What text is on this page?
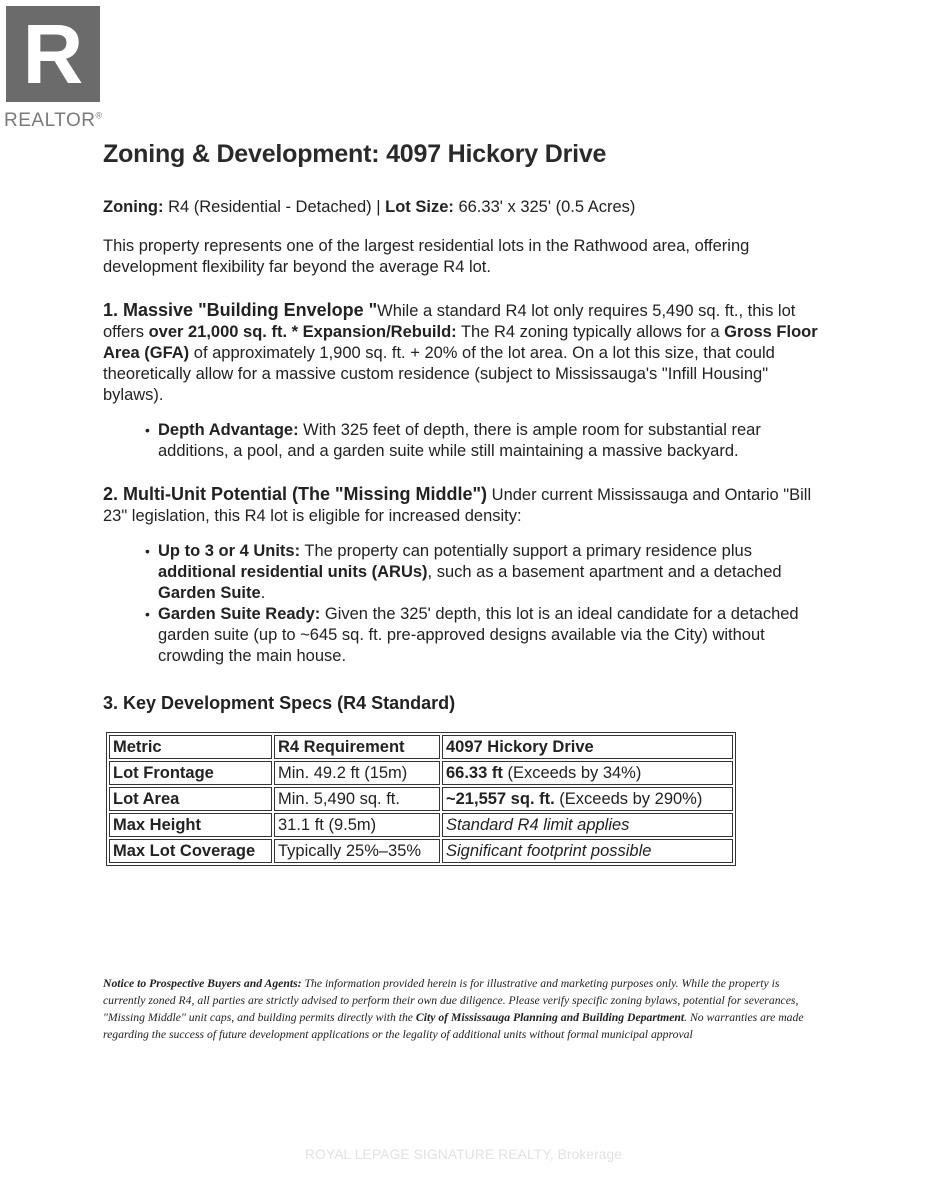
R
REALTOR®
Zoning & Development: 4097 Hickory Drive

Zoning: R4 (Residential - Detached) | Lot Size: 66.33' x 325' (0.5 Acres)

This property represents one of the largest residential lots in the Rathwood area, offering development flexibility far beyond the average R4 lot.

1. Massive "Building Envelope "While a standard R4 lot only requires 5,490 sq. ft., this lot offers over 21,000 sq. ft. * Expansion/Rebuild: The R4 zoning typically allows for a Gross Floor Area (GFA) of approximately 1,900 sq. ft. + 20% of the lot area. On a lot this size, that could theoretically allow for a massive custom residence (subject to Mississauga's "Infill Housing" bylaws).

• Depth Advantage: With 325 feet of depth, there is ample room for substantial rear additions, a pool, and a garden suite while still maintaining a massive backyard.

2. Multi-Unit Potential (The "Missing Middle") Under current Mississauga and Ontario "Bill 23" legislation, this R4 lot is eligible for increased density:

• Up to 3 or 4 Units: The property can potentially support a primary residence plus additional residential units (ARUs), such as a basement apartment and a detached Garden Suite.
• Garden Suite Ready: Given the 325' depth, this lot is an ideal candidate for a detached garden suite (up to ~645 sq. ft. pre-approved designs available via the City) without crowding the main house.
3. Key Development Specs (R4 Standard)
Metric	R4 Requirement	4097 Hickory Drive
Lot Frontage	Min. 49.2 ft (15m)	66.33 ft (Exceeds by 34%)
Lot Area	Min. 5,490 sq. ft.	~21,557 sq. ft. (Exceeds by 290%)
Max Height	31.1 ft (9.5m)	Standard R4 limit applies
Max Lot Coverage	Typically 25%–35%	Significant footprint possible
Notice to Prospective Buyers and Agents: The information provided herein is for illustrative and marketing purposes only. While the property is currently zoned R4, all parties are strictly advised to perform their own due diligence. Please verify specific zoning bylaws, potential for severances, "Missing Middle" unit caps, and building permits directly with the City of Mississauga Planning and Building Department. No warranties are made regarding the success of future development applications or the legality of additional units without formal municipal approval
ROYAL LEPAGE SIGNATURE REALTY, Brokerage
